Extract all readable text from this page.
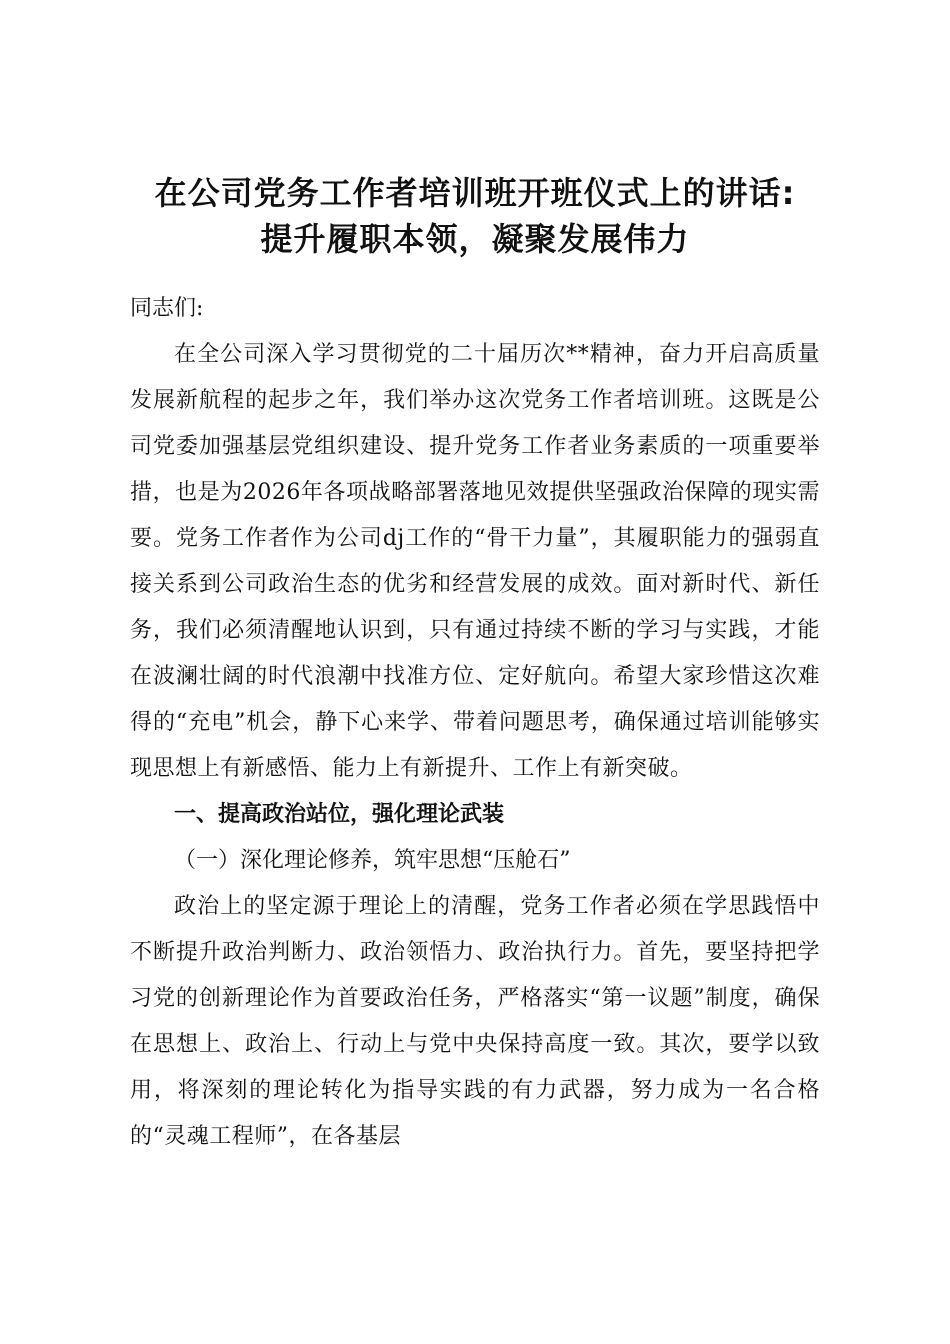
在公司党务工作者培训班开班仪式上的讲话:
提升履职本领，凝聚发展伟力

同志们:

在全公司深入学习贯彻党的二十届历次**精神，奋力开启高质量发展新航程的起步之年，我们举办这次党务工作者培训班。这既是公司党委加强基层党组织建设、提升党务工作者业务素质的一项重要举措，也是为2026年各项战略部署落地见效提供坚强政治保障的现实需要。党务工作者作为公司dj工作的“骨干力量”，其履职能力的强弱直接关系到公司政治生态的优劣和经营发展的成效。面对新时代、新任务，我们必须清醒地认识到，只有通过持续不断的学习与实践，才能在波澜壮阔的时代浪潮中找准方位、定好航向。希望大家珍惜这次难得的“充电”机会，静下心来学、带着问题思考，确保通过培训能够实现思想上有新感悟、能力上有新提升、工作上有新突破。

一、提高政治站位，强化理论武装

（一）深化理论修养，筑牢思想“压舱石”

政治上的坚定源于理论上的清醒，党务工作者必须在学思践悟中不断提升政治判断力、政治领悟力、政治执行力。首先，要坚持把学习党的创新理论作为首要政治任务，严格落实“第一议题”制度，确保在思想上、政治上、行动上与党中央保持高度一致。其次，要学以致用，将深刻的理论转化为指导实践的有力武器，努力成为一名合格的“灵魂工程师”，在各基层
